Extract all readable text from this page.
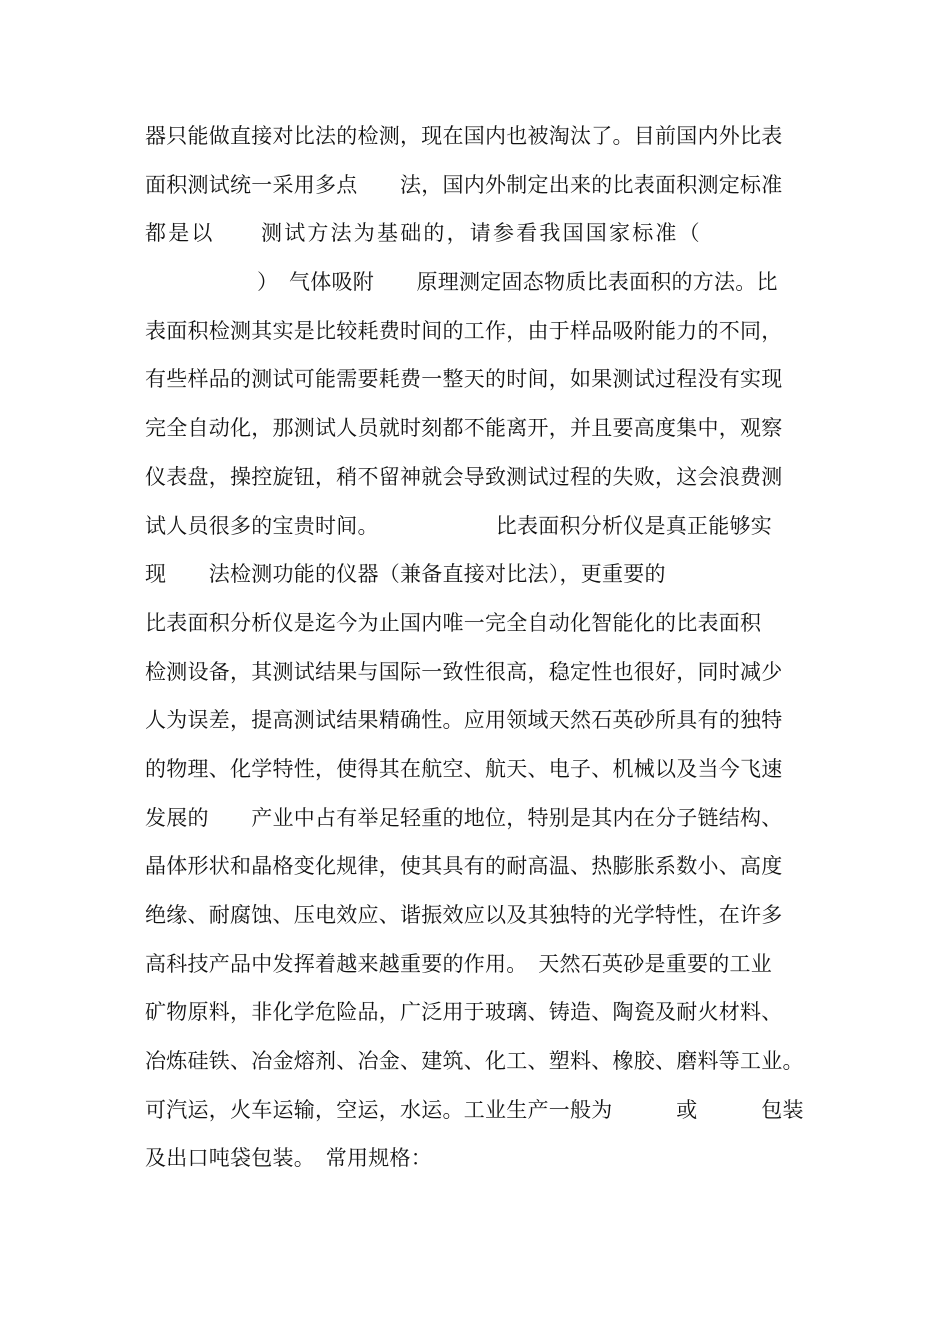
器只能做直接对比法的检测，现在国内也被淘汰了。目前国内外比表
面积测试统一采用多点　　法，国内外制定出来的比表面积测定标准
都是以　　测试方法为基础的，请参看我国国家标准（
）　气体吸附　　原理测定固态物质比表面积的方法。比
表面积检测其实是比较耗费时间的工作，由于样品吸附能力的不同，
有些样品的测试可能需要耗费一整天的时间，如果测试过程没有实现
完全自动化，那测试人员就时刻都不能离开，并且要高度集中，观察
仪表盘，操控旋钮，稍不留神就会导致测试过程的失败，这会浪费测
试人员很多的宝贵时间。　　　　　　比表面积分析仪是真正能够实
现　　法检测功能的仪器（兼备直接对比法），更重要的
比表面积分析仪是迄今为止国内唯一完全自动化智能化的比表面积
检测设备，其测试结果与国际一致性很高，稳定性也很好，同时减少
人为误差，提高测试结果精确性。应用领域天然石英砂所具有的独特
的物理、化学特性，使得其在航空、航天、电子、机械以及当今飞速
发展的　　产业中占有举足轻重的地位，特别是其内在分子链结构、
晶体形状和晶格变化规律，使其具有的耐高温、热膨胀系数小、高度
绝缘、耐腐蚀、压电效应、谐振效应以及其独特的光学特性，在许多
高科技产品中发挥着越来越重要的作用。　天然石英砂是重要的工业
矿物原料，非化学危险品，广泛用于玻璃、铸造、陶瓷及耐火材料、
冶炼硅铁、冶金熔剂、冶金、建筑、化工、塑料、橡胶、磨料等工业。
可汽运，火车运输，空运，水运。工业生产一般为　　　或　　　包装
及出口吨袋包装。　常用规格：
